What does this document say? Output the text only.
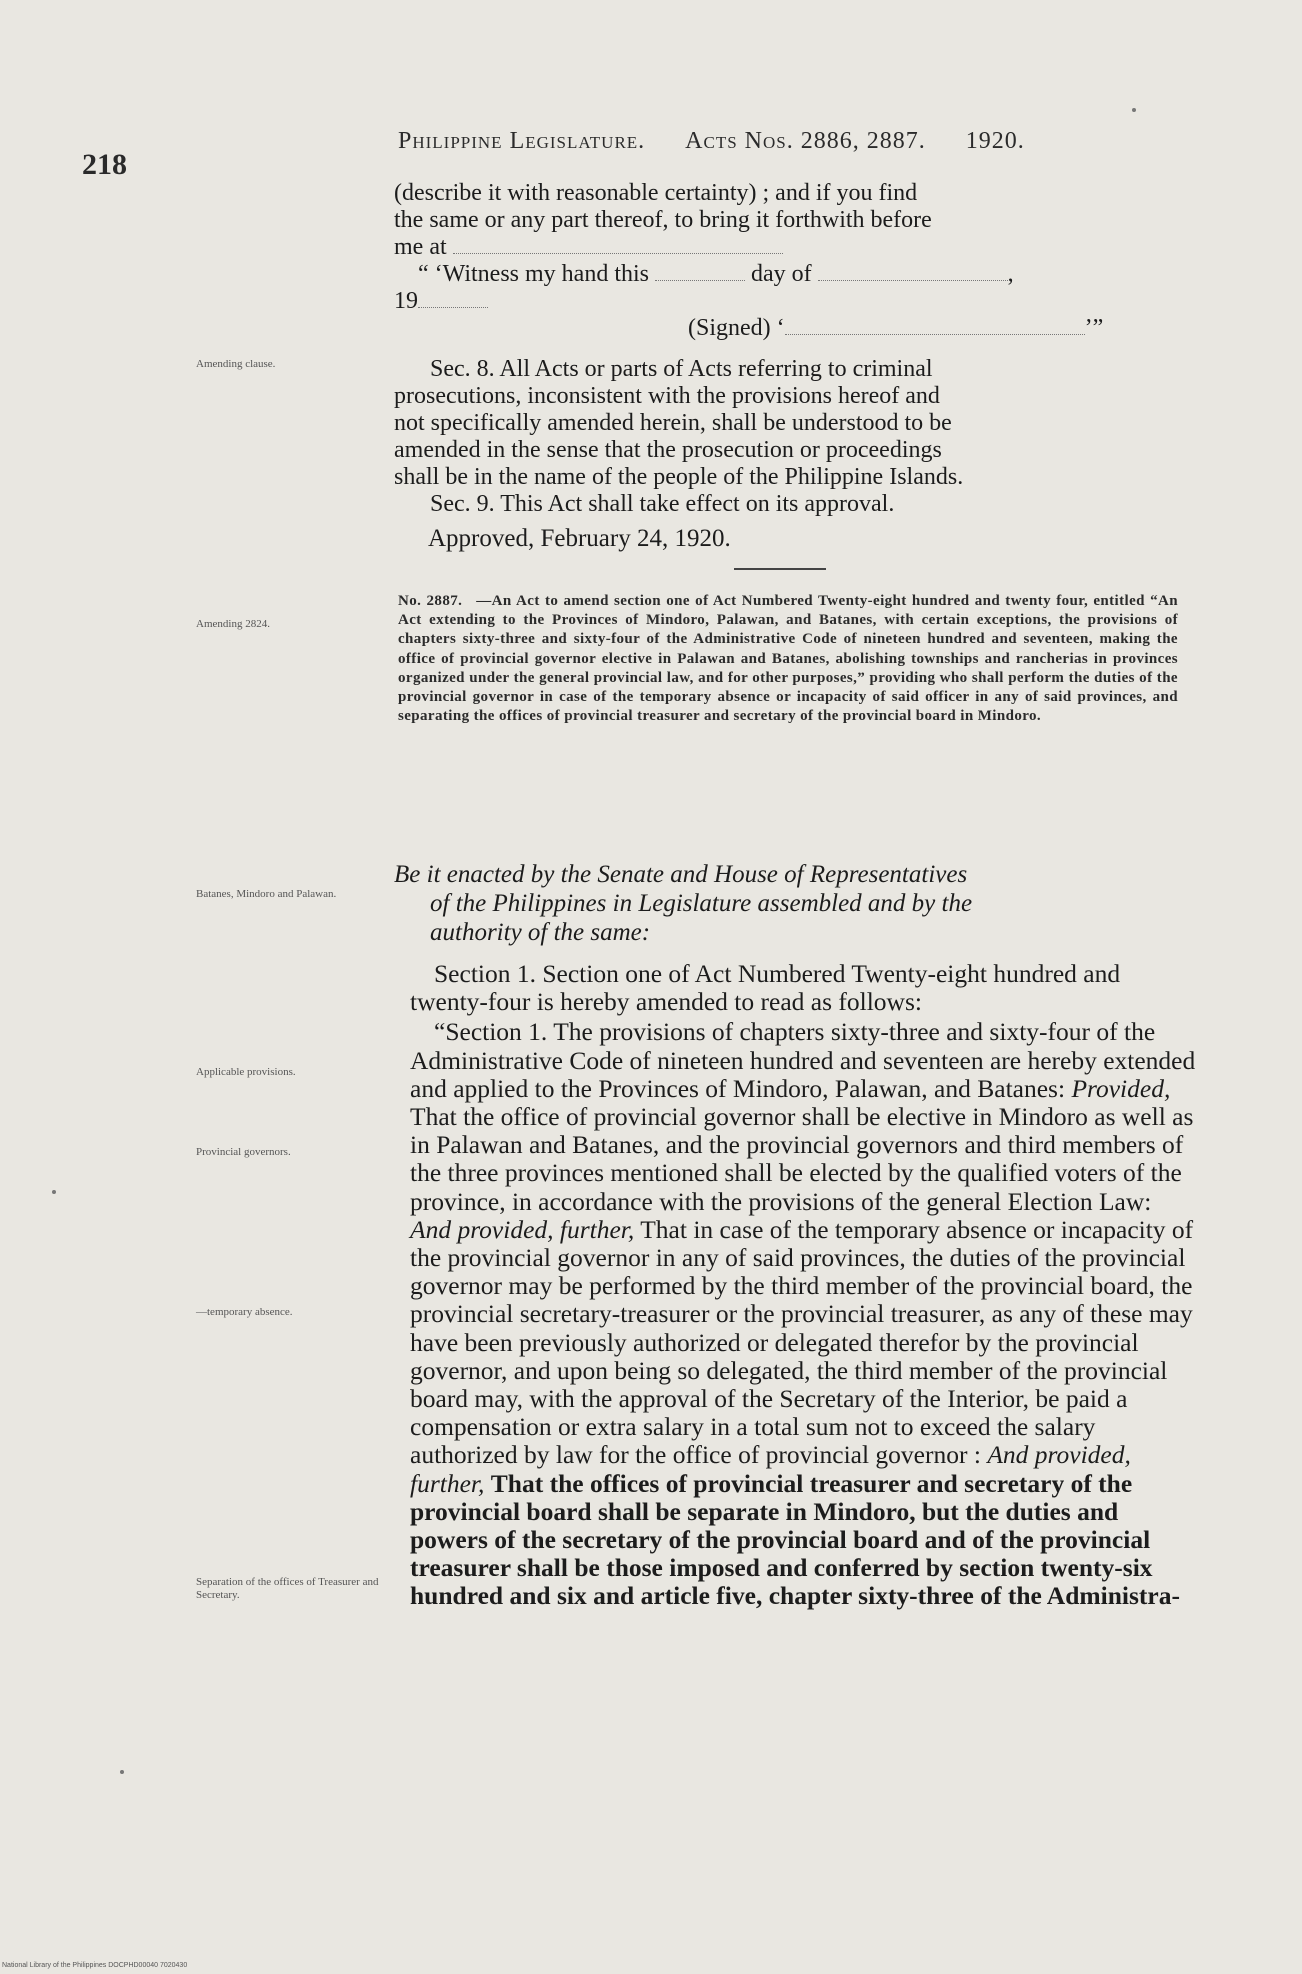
218
Philippine Legislature. Acts Nos. 2886, 2887. 1920.
(describe it with reasonable certainty) ; and if you find
the same or any part thereof, to bring it forthwith before
me at
“ ‘Witness my hand this	day of	,
19
(Signed) ‘	’”
Amending clause.	Sec. 8. All Acts or parts of Acts referring to criminal
prosecutions, inconsistent with the provisions hereof and
not specifically amended herein, shall be understood to be
amended in the sense that the prosecution or proceedings
shall be in the name of the people of the Philippine Islands.
Sec. 9. This Act shall take effect on its approval.
Approved, February 24, 1920.
Amending 2824.
No. 2887. —An Act to amend section one of Act Numbered Twenty-eight hundred and twenty four, entitled “An Act extending to the Provinces of Mindoro, Palawan, and Batanes, with certain exceptions, the provisions of chapters sixty-three and sixty-four of the Administrative Code of nineteen hundred and seventeen, making the office of provincial governor elective in Palawan and Batanes, abolishing townships and rancherias in provinces organized under the general provincial law, and for other purposes,” providing who shall perform the duties of the provincial governor in case of the temporary absence or incapacity of said officer in any of said provinces, and separating the offices of provincial treasurer and secretary of the provincial board in Mindoro.
Batanes, Mindoro and Palawan.
Be it enacted by the Senate and House of Representatives
of the Philippines in Legislature assembled and by the
authority of the same:
Applicable provisions.
Provincial governors.
—temporary absence.
Separation of the offices of Treasurer and Secretary.

Section 1. Section one of Act Numbered Twenty-eight hundred and twenty-four is hereby amended to read as follows:

“Section 1. The provisions of chapters sixty-three and sixty-four of the Administrative Code of nineteen hundred and seventeen are hereby extended and applied to the Provinces of Mindoro, Palawan, and Batanes: Provided, That the office of provincial governor shall be elective in Mindoro as well as in Palawan and Batanes, and the provincial governors and third members of the three provinces mentioned shall be elected by the qualified voters of the province, in accordance with the provisions of the general Election Law: And provided, further, That in case of the temporary absence or incapacity of the provincial governor in any of said provinces, the duties of the provincial governor may be performed by the third member of the provincial board, the provincial secretary-treasurer or the provincial treasurer, as any of these may have been previously authorized or delegated therefor by the provincial governor, and upon being so delegated, the third member of the provincial board may, with the approval of the Secretary of the Interior, be paid a compensation or extra salary in a total sum not to exceed the salary authorized by law for the office of provincial governor : And provided, further, That the offices of provincial treasurer and secretary of the provincial board shall be separate in Mindoro, but the duties and powers of the secretary of the provincial board and of the provincial treasurer shall be those imposed and conferred by section twenty-six hundred and six and article five, chapter sixty-three of the Administra-

National Library of the Philippines DOCPHD00040 7020430
